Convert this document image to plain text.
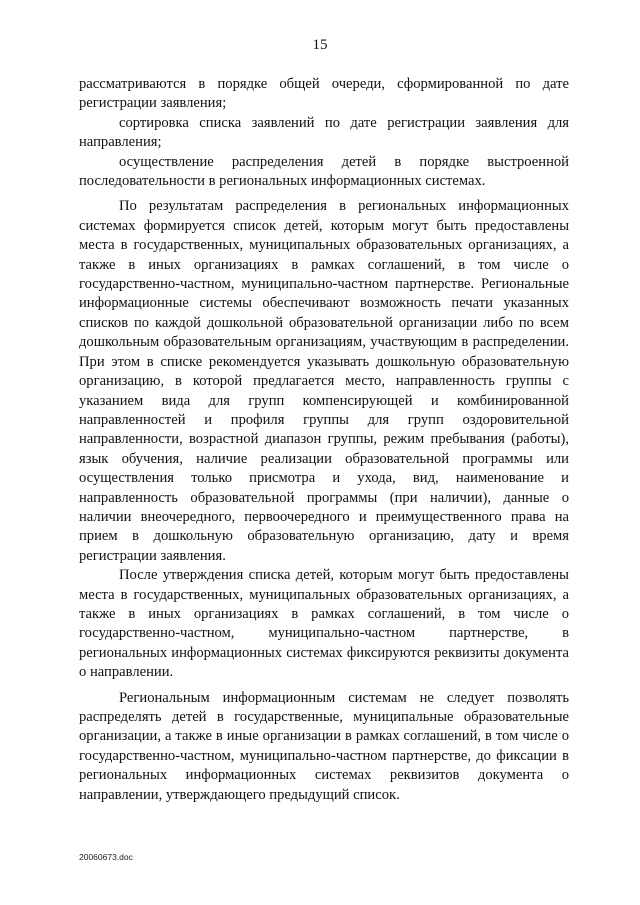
15

рассматриваются в порядке общей очереди, сформированной по дате регистрации заявления;

сортировка списка заявлений по дате регистрации заявления для направления;

осуществление распределения детей в порядке выстроенной последовательности в региональных информационных системах.

По результатам распределения в региональных информационных системах формируется список детей, которым могут быть предоставлены места в государственных, муниципальных образовательных организациях, а также в иных организациях в рамках соглашений, в том числе о государственно-частном, муниципально-частном партнерстве. Региональные информационные системы обеспечивают возможность печати указанных списков по каждой дошкольной образовательной организации либо по всем дошкольным образовательным организациям, участвующим в распределении. При этом в списке рекомендуется указывать дошкольную образовательную организацию, в которой предлагается место, направленность группы с указанием вида для групп компенсирующей и комбинированной направленностей и профиля группы для групп оздоровительной направленности, возрастной диапазон группы, режим пребывания (работы), язык обучения, наличие реализации образовательной программы или осуществления только присмотра и ухода, вид, наименование и направленность образовательной программы (при наличии), данные о наличии внеочередного, первоочередного и преимущественного права на прием в дошкольную образовательную организацию, дату и время регистрации заявления.

После утверждения списка детей, которым могут быть предоставлены места в государственных, муниципальных образовательных организациях, а также в иных организациях в рамках соглашений, в том числе о государственно-частном, муниципально-частном партнерстве, в региональных информационных системах фиксируются реквизиты документа о направлении.

Региональным информационным системам не следует позволять распределять детей в государственные, муниципальные образовательные организации, а также в иные организации в рамках соглашений, в том числе о государственно-частном, муниципально-частном партнерстве, до фиксации в региональных информационных системах реквизитов документа о направлении, утверждающего предыдущий список.

20060673.doc
